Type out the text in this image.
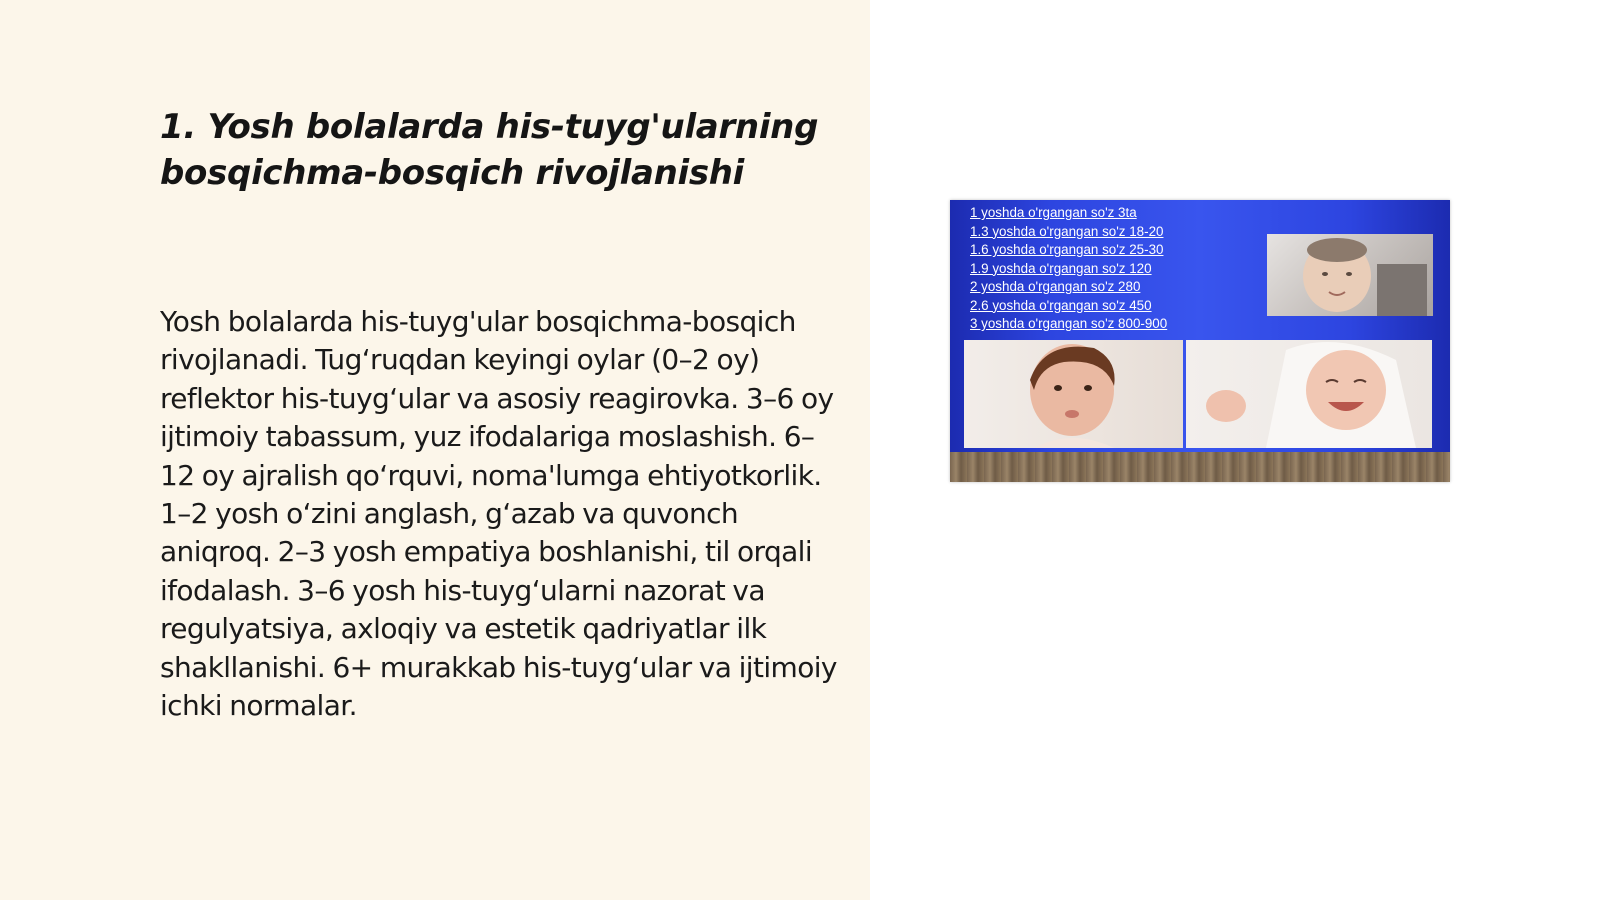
1. Yosh bolalarda his-tuyg'ularning bosqichma-bosqich rivojlanishi

Yosh bolalarda his-tuyg'ular bosqichma-bosqich rivojlanadi. Tug‘ruqdan keyingi oylar (0–2 oy) reflektor his-tuyg‘ular va asosiy reagirovka. 3–6 oy ijtimoiy tabassum, yuz ifodalariga moslashish. 6–12 oy ajralish qo‘rquvi, noma'lumga ehtiyotkorlik. 1–2 yosh o‘zini anglash, g‘azab va quvonch aniqroq. 2–3 yosh empatiya boshlanishi, til orqali ifodalash. 3–6 yosh his-tuyg‘ularni nazorat va regulyatsiya, axloqiy va estetik qadriyatlar ilk shakllanishi. 6+ murakkab his-tuyg‘ular va ijtimoiy ichki normalar.

1 yoshda o'rgangan so'z 3ta
1.3 yoshda o'rgangan so'z 18-20
1.6 yoshda o'rgangan so'z 25-30
1.9 yoshda o'rgangan so'z 120
2 yoshda o'rgangan so'z 280
2.6 yoshda o'rgangan so'z 450
3 yoshda o'rgangan so'z 800-900
